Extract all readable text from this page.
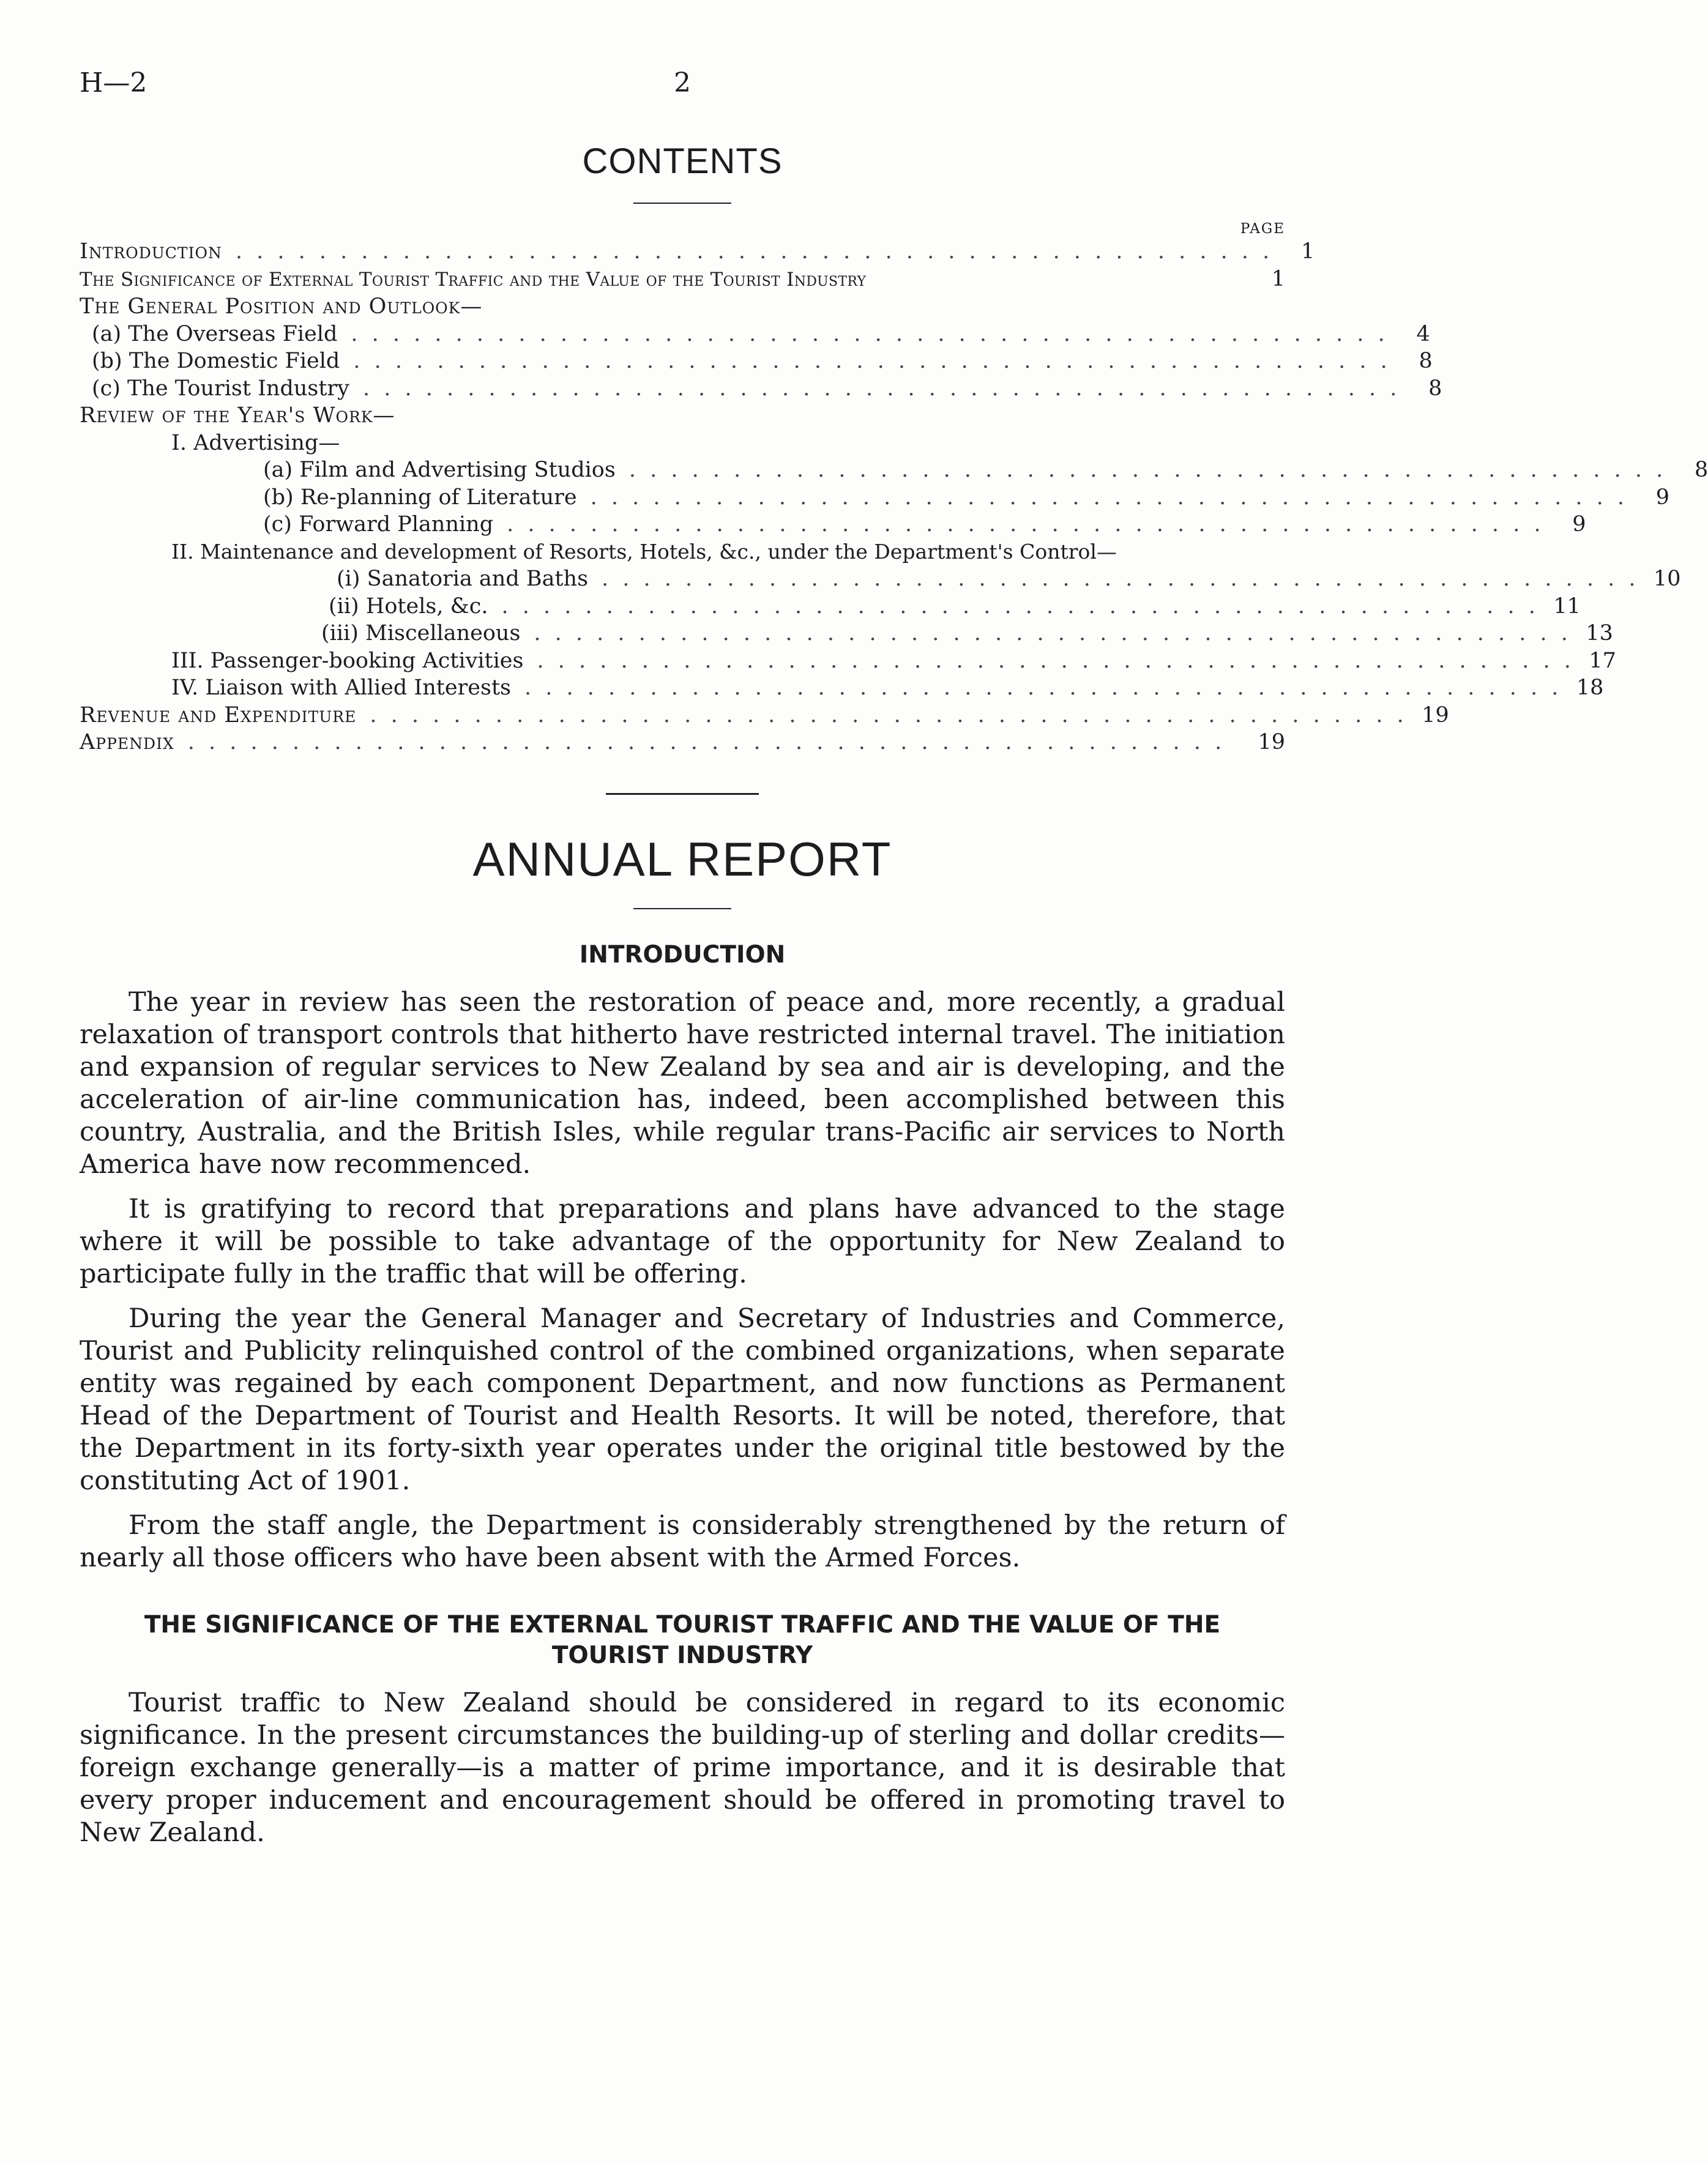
H—2	2
CONTENTS
PAGE
Introduction . . . . . . . . . . . . . . . . . . . . . . . . . . . . . . . . . . . . . . . . . . . . . . . . . .	1
The Significance of External Tourist Traffic and the Value of the Tourist Industry	1
The General Position and Outlook—
(a) The Overseas Field . . . . . . . . . . . . . . . . . . . . . . . . . . . . . . . . . . . . . . . . . . . . . . . . . .	4
(b) The Domestic Field . . . . . . . . . . . . . . . . . . . . . . . . . . . . . . . . . . . . . . . . . . . . . . . . . .	8
(c) The Tourist Industry . . . . . . . . . . . . . . . . . . . . . . . . . . . . . . . . . . . . . . . . . . . . . . . . . .	8
Review of the Year's Work—
I. Advertising—
(a) Film and Advertising Studios . . . . . . . . . . . . . . . . . . . . . . . . . . . . . . . . . . . . . . . . . . . . . . . . . .	8
(b) Re-planning of Literature . . . . . . . . . . . . . . . . . . . . . . . . . . . . . . . . . . . . . . . . . . . . . . . . . .	9
(c) Forward Planning . . . . . . . . . . . . . . . . . . . . . . . . . . . . . . . . . . . . . . . . . . . . . . . . . .	9
II. Maintenance and development of Resorts, Hotels, &c., under the Department's Control—
(i) Sanatoria and Baths . . . . . . . . . . . . . . . . . . . . . . . . . . . . . . . . . . . . . . . . . . . . . . . . . . 10
(ii) Hotels, &c. . . . . . . . . . . . . . . . . . . . . . . . . . . . . . . . . . . . . . . . . . . . . . . . . . . 11
(iii) Miscellaneous . . . . . . . . . . . . . . . . . . . . . . . . . . . . . . . . . . . . . . . . . . . . . . . . . . 13
III. Passenger-booking Activities . . . . . . . . . . . . . . . . . . . . . . . . . . . . . . . . . . . . . . . . . . . . . . . . . . 17
IV. Liaison with Allied Interests . . . . . . . . . . . . . . . . . . . . . . . . . . . . . . . . . . . . . . . . . . . . . . . . . . 18
Revenue and Expenditure . . . . . . . . . . . . . . . . . . . . . . . . . . . . . . . . . . . . . . . . . . . . . . . . . . 19
Appendix . . . . . . . . . . . . . . . . . . . . . . . . . . . . . . . . . . . . . . . . . . . . . . . . . .	19
ANNUAL REPORT
INTRODUCTION

The year in review has seen the restoration of peace and, more recently, a gradual relaxation of transport controls that hitherto have restricted internal travel. The initiation and expansion of regular services to New Zealand by sea and air is developing, and the acceleration of air-line communication has, indeed, been accomplished between this country, Australia, and the British Isles, while regular trans-Pacific air services to North America have now recommenced.

It is gratifying to record that preparations and plans have advanced to the stage where it will be possible to take advantage of the opportunity for New Zealand to participate fully in the traffic that will be offering.

During the year the General Manager and Secretary of Industries and Commerce, Tourist and Publicity relinquished control of the combined organizations, when separate entity was regained by each component Department, and now functions as Permanent Head of the Department of Tourist and Health Resorts. It will be noted, therefore, that the Department in its forty-sixth year operates under the original title bestowed by the constituting Act of 1901.

From the staff angle, the Department is considerably strengthened by the return of nearly all those officers who have been absent with the Armed Forces.

THE SIGNIFICANCE OF THE EXTERNAL TOURIST TRAFFIC AND THE VALUE OF THE TOURIST INDUSTRY

Tourist traffic to New Zealand should be considered in regard to its economic significance. In the present circumstances the building-up of sterling and dollar credits—foreign exchange generally—is a matter of prime importance, and it is desirable that every proper inducement and encouragement should be offered in promoting travel to New Zealand.
